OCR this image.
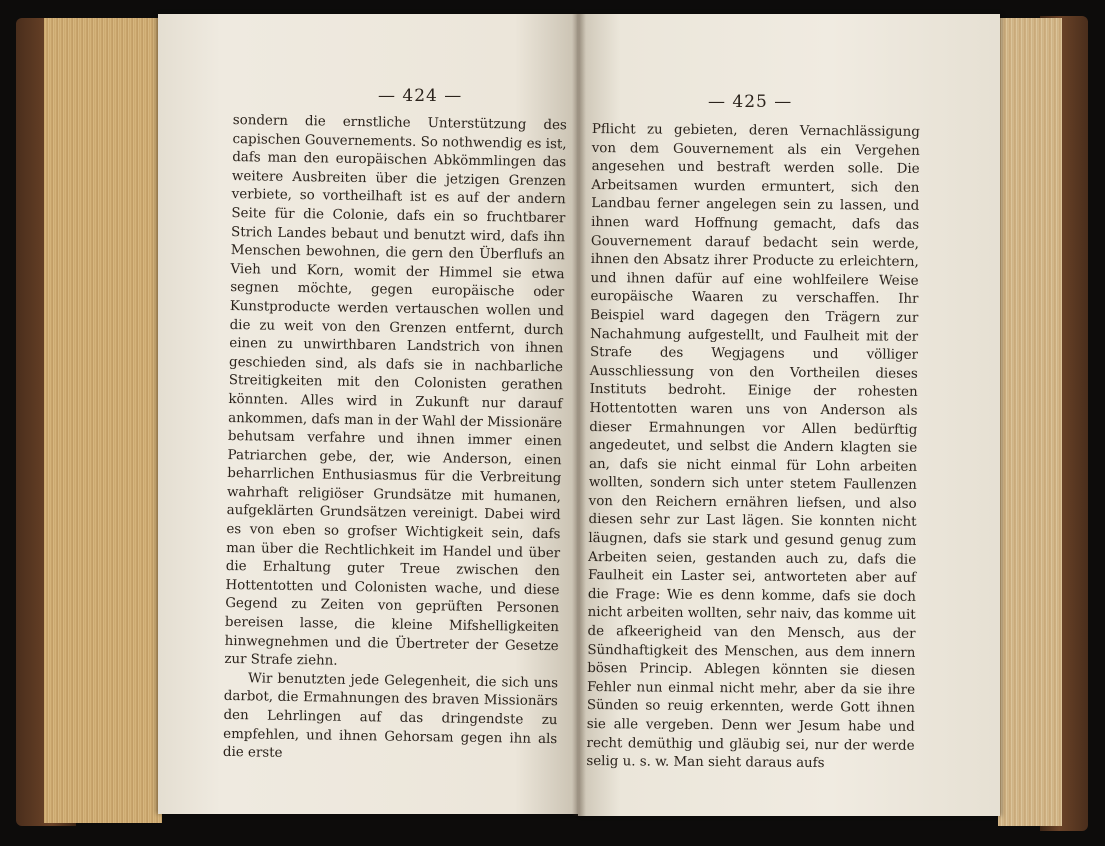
— 424 —	— 425 —

sondern die ernstliche Unterstützung des capischen Gouvernements. So nothwendig es ist, dafs man den europäischen Abkömmlingen das weitere Ausbreiten über die jetzigen Grenzen verbiete, so vortheilhaft ist es auf der andern Seite für die Colonie, dafs ein so fruchtbarer Strich Landes bebaut und benutzt wird, dafs ihn Menschen bewohnen, die gern den Überflufs an Vieh und Korn, womit der Himmel sie etwa segnen möchte, gegen europäische oder Kunstproducte werden vertauschen wollen und die zu weit von den Grenzen entfernt, durch einen zu unwirthbaren Landstrich von ihnen geschieden sind, als dafs sie in nachbarliche Streitigkeiten mit den Colonisten gerathen könnten. Alles wird in Zukunft nur darauf ankommen, dafs man in der Wahl der Missionäre behutsam verfahre und ihnen immer einen Patriarchen gebe, der, wie Anderson, einen beharrlichen Enthusiasmus für die Verbreitung wahrhaft religiöser Grundsätze mit humanen, aufgeklärten Grundsätzen vereinigt. Dabei wird es von eben so grofser Wichtigkeit sein, dafs man über die Rechtlichkeit im Handel und über die Erhaltung guter Treue zwischen den Hottentotten und Colonisten wache, und diese Gegend zu Zeiten von geprüften Personen bereisen lasse, die kleine Mifshelligkeiten hinwegnehmen und die Übertreter der Gesetze zur Strafe ziehn.

Wir benutzten jede Gelegenheit, die sich uns darbot, die Ermahnungen des braven Missionärs den Lehrlingen auf das dringendste zu empfehlen, und ihnen Gehorsam gegen ihn als die erste

Pflicht zu gebieten, deren Vernachlässigung von dem Gouvernement als ein Vergehen angesehen und bestraft werden solle. Die Arbeitsamen wurden ermuntert, sich den Landbau ferner angelegen sein zu lassen, und ihnen ward Hoffnung gemacht, dafs das Gouvernement darauf bedacht sein werde, ihnen den Absatz ihrer Producte zu erleichtern, und ihnen dafür auf eine wohlfeilere Weise europäische Waaren zu verschaffen. Ihr Beispiel ward dagegen den Trägern zur Nachahmung aufgestellt, und Faulheit mit der Strafe des Wegjagens und völliger Ausschliessung von den Vortheilen dieses Instituts bedroht. Einige der rohesten Hottentotten waren uns von Anderson als dieser Ermahnungen vor Allen bedürftig angedeutet, und selbst die Andern klagten sie an, dafs sie nicht einmal für Lohn arbeiten wollten, sondern sich unter stetem Faullenzen von den Reichern ernähren liefsen, und also diesen sehr zur Last lägen. Sie konnten nicht läugnen, dafs sie stark und gesund genug zum Arbeiten seien, gestanden auch zu, dafs die Faulheit ein Laster sei, antworteten aber auf die Frage: Wie es denn komme, dafs sie doch nicht arbeiten wollten, sehr naiv, das komme uit de afkeerigheid van den Mensch, aus der Sündhaftigkeit des Menschen, aus dem innern bösen Princip. Ablegen könnten sie diesen Fehler nun einmal nicht mehr, aber da sie ihre Sünden so reuig erkennten, werde Gott ihnen sie alle vergeben. Denn wer Jesum habe und recht demüthig und gläubig sei, nur der werde selig u. s. w. Man sieht daraus aufs
